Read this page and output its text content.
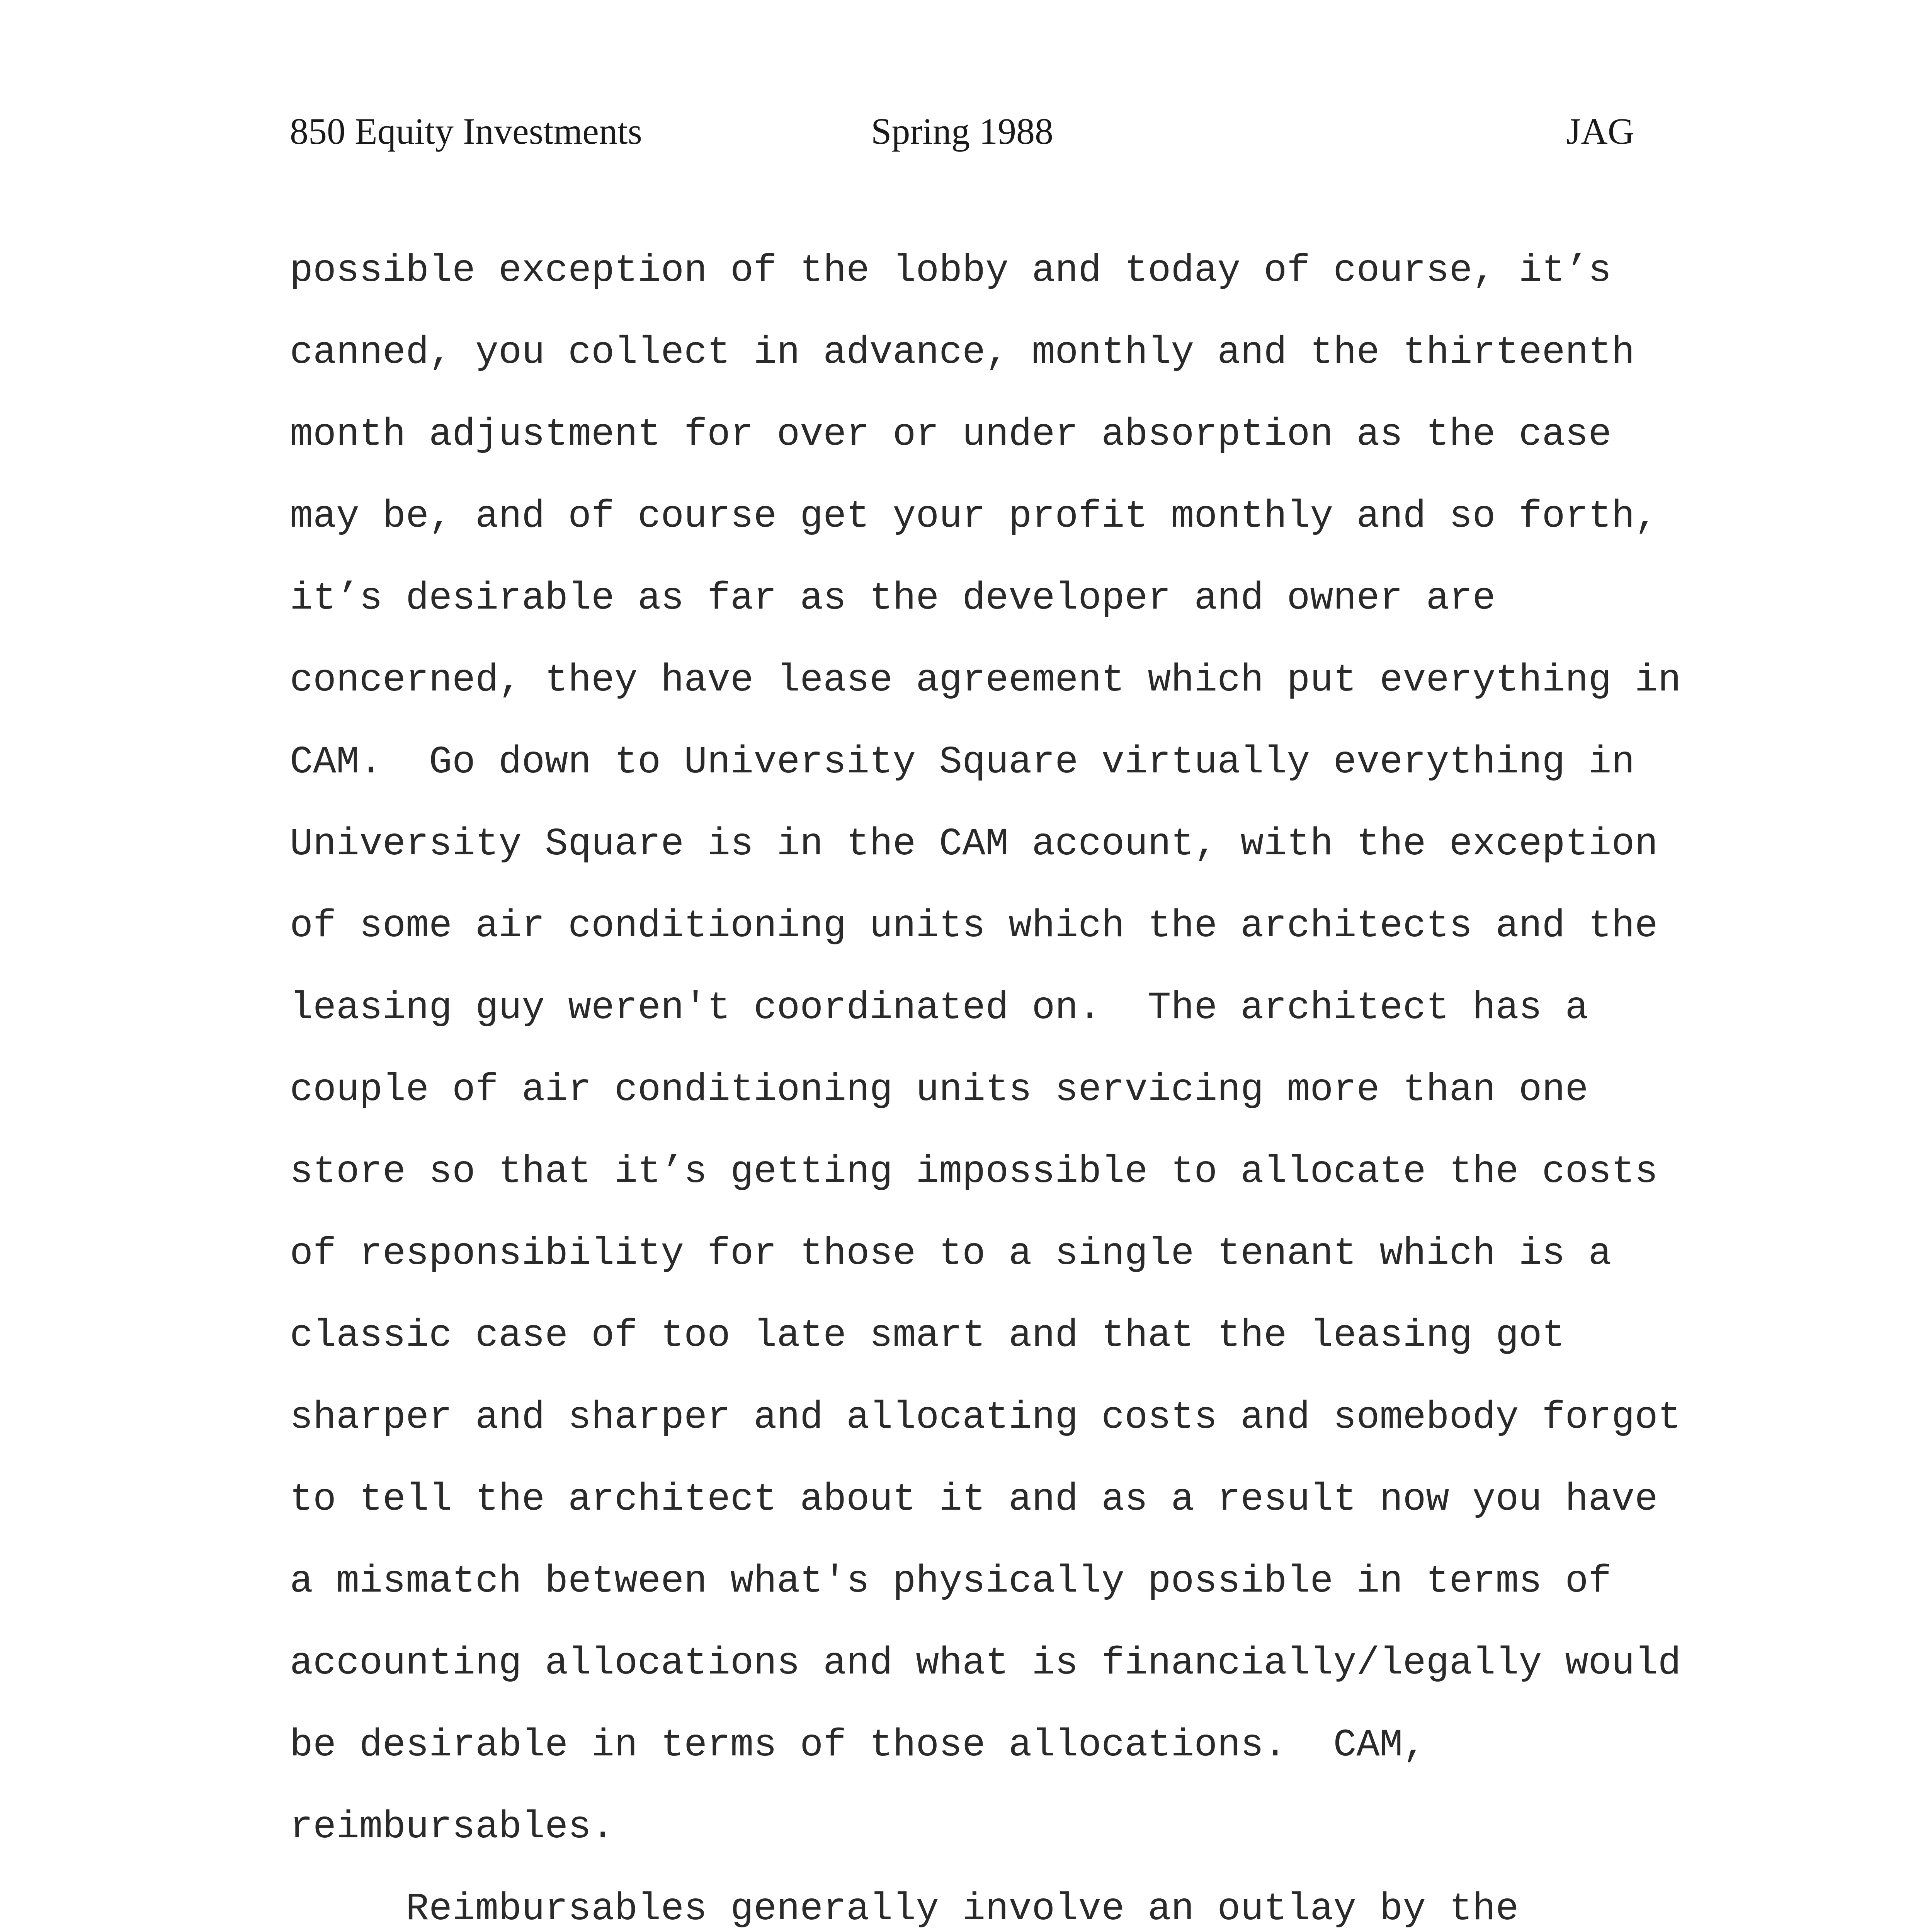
850 Equity Investments	Spring 1988	JAG
possible exception of the lobby and today of course, it’s
canned, you collect in advance, monthly and the thirteenth
month adjustment for over or under absorption as the case
may be, and of course get your profit monthly and so forth,
it’s desirable as far as the developer and owner are
concerned, they have lease agreement which put everything in
CAM.  Go down to University Square virtually everything in
University Square is in the CAM account, with the exception
of some air conditioning units which the architects and the
leasing guy weren't coordinated on.  The architect has a
couple of air conditioning units servicing more than one
store so that it’s getting impossible to allocate the costs
of responsibility for those to a single tenant which is a
classic case of too late smart and that the leasing got
sharper and sharper and allocating costs and somebody forgot
to tell the architect about it and as a result now you have
a mismatch between what's physically possible in terms of
accounting allocations and what is financially/legally would
be desirable in terms of those allocations.  CAM,
reimbursables.
Reimbursables generally involve an outlay by the
